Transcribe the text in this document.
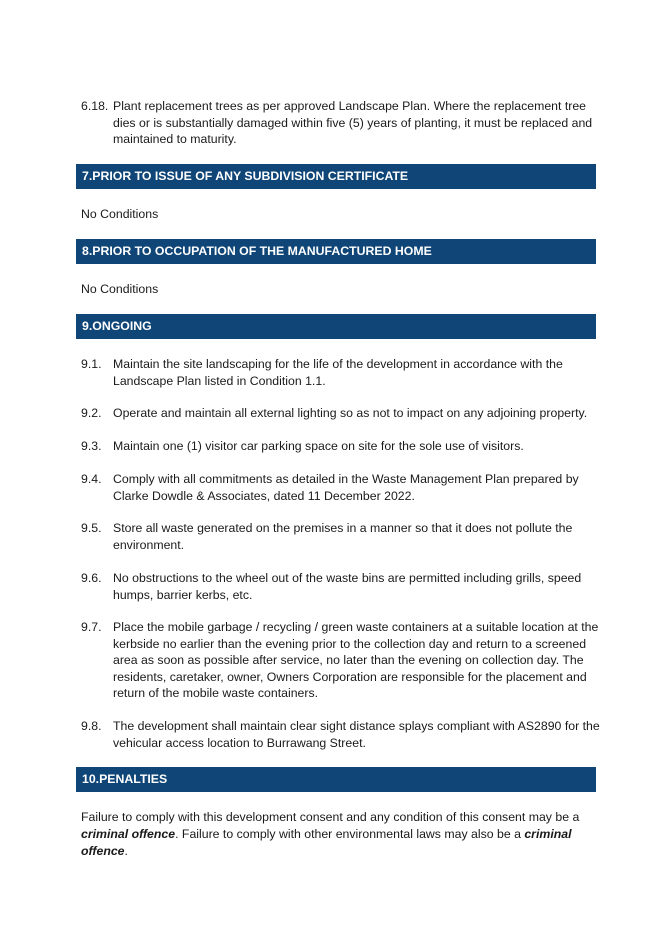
6.18. Plant replacement trees as per approved Landscape Plan. Where the replacement tree dies or is substantially damaged within five (5) years of planting, it must be replaced and maintained to maturity.
7.PRIOR TO ISSUE OF ANY SUBDIVISION CERTIFICATE
No Conditions
8.PRIOR TO OCCUPATION OF THE MANUFACTURED HOME
No Conditions
9.ONGOING
9.1. Maintain the site landscaping for the life of the development in accordance with the Landscape Plan listed in Condition 1.1.
9.2. Operate and maintain all external lighting so as not to impact on any adjoining property.
9.3. Maintain one (1) visitor car parking space on site for the sole use of visitors.
9.4. Comply with all commitments as detailed in the Waste Management Plan prepared by Clarke Dowdle & Associates, dated 11 December 2022.
9.5. Store all waste generated on the premises in a manner so that it does not pollute the environment.
9.6. No obstructions to the wheel out of the waste bins are permitted including grills, speed humps, barrier kerbs, etc.
9.7. Place the mobile garbage / recycling / green waste containers at a suitable location at the kerbside no earlier than the evening prior to the collection day and return to a screened area as soon as possible after service, no later than the evening on collection day. The residents, caretaker, owner, Owners Corporation are responsible for the placement and return of the mobile waste containers.
9.8. The development shall maintain clear sight distance splays compliant with AS2890 for the vehicular access location to Burrawang Street.
10.PENALTIES
Failure to comply with this development consent and any condition of this consent may be a criminal offence. Failure to comply with other environmental laws may also be a criminal offence.
